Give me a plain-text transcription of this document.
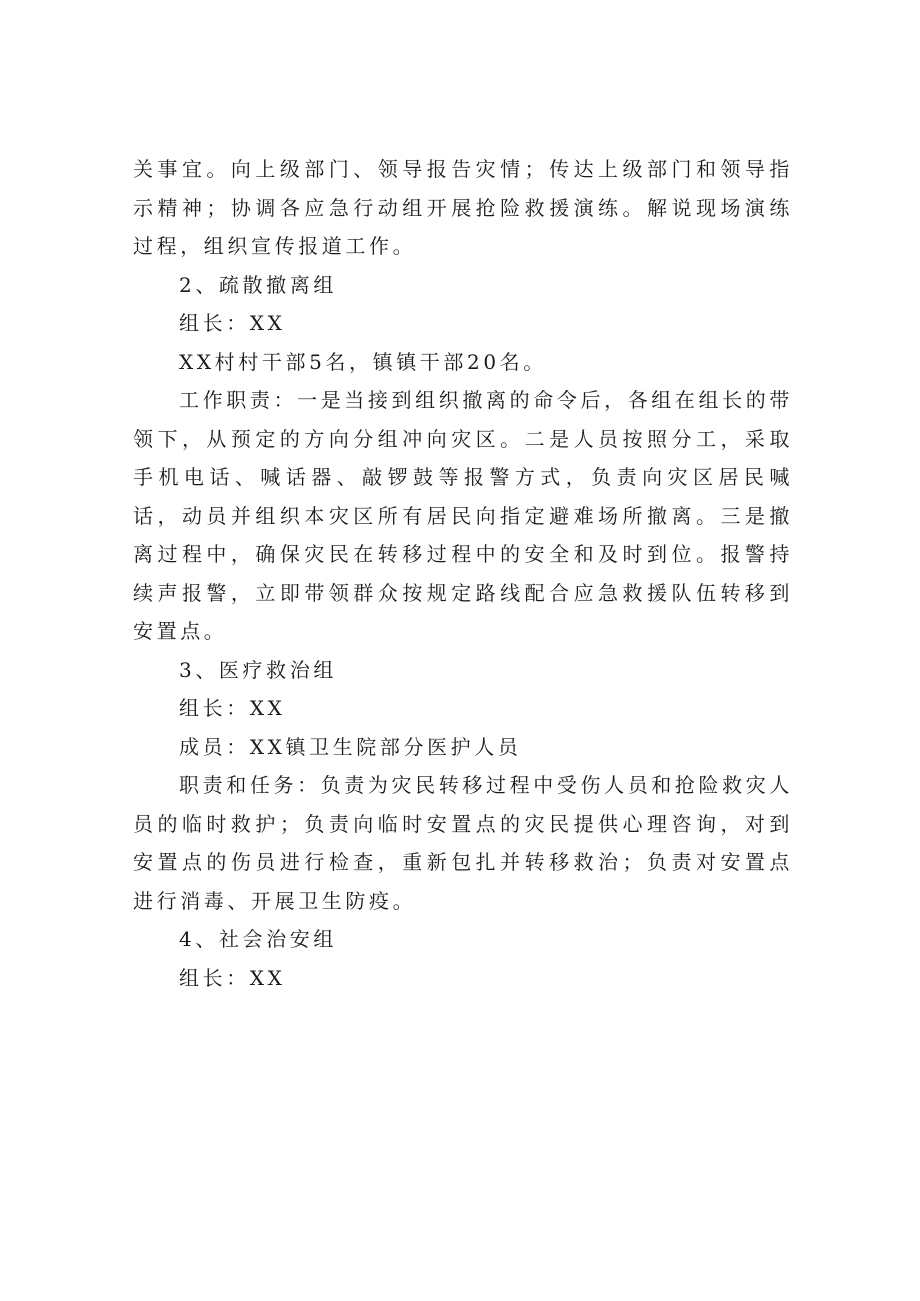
关事宜。向上级部门、领导报告灾情；传达上级部门和领导指示精神；协调各应急行动组开展抢险救援演练。解说现场演练过程，组织宣传报道工作。

2、疏散撤离组

组长：XX

XX村村干部5名，镇镇干部20名。

工作职责：一是当接到组织撤离的命令后，各组在组长的带领下，从预定的方向分组冲向灾区。二是人员按照分工，采取手机电话、喊话器、敲锣鼓等报警方式，负责向灾区居民喊话，动员并组织本灾区所有居民向指定避难场所撤离。三是撤离过程中，确保灾民在转移过程中的安全和及时到位。报警持续声报警，立即带领群众按规定路线配合应急救援队伍转移到安置点。

3、医疗救治组

组长：XX

成员：XX镇卫生院部分医护人员

职责和任务：负责为灾民转移过程中受伤人员和抢险救灾人员的临时救护；负责向临时安置点的灾民提供心理咨询，对到安置点的伤员进行检查，重新包扎并转移救治；负责对安置点进行消毒、开展卫生防疫。

4、社会治安组

组长：XX
